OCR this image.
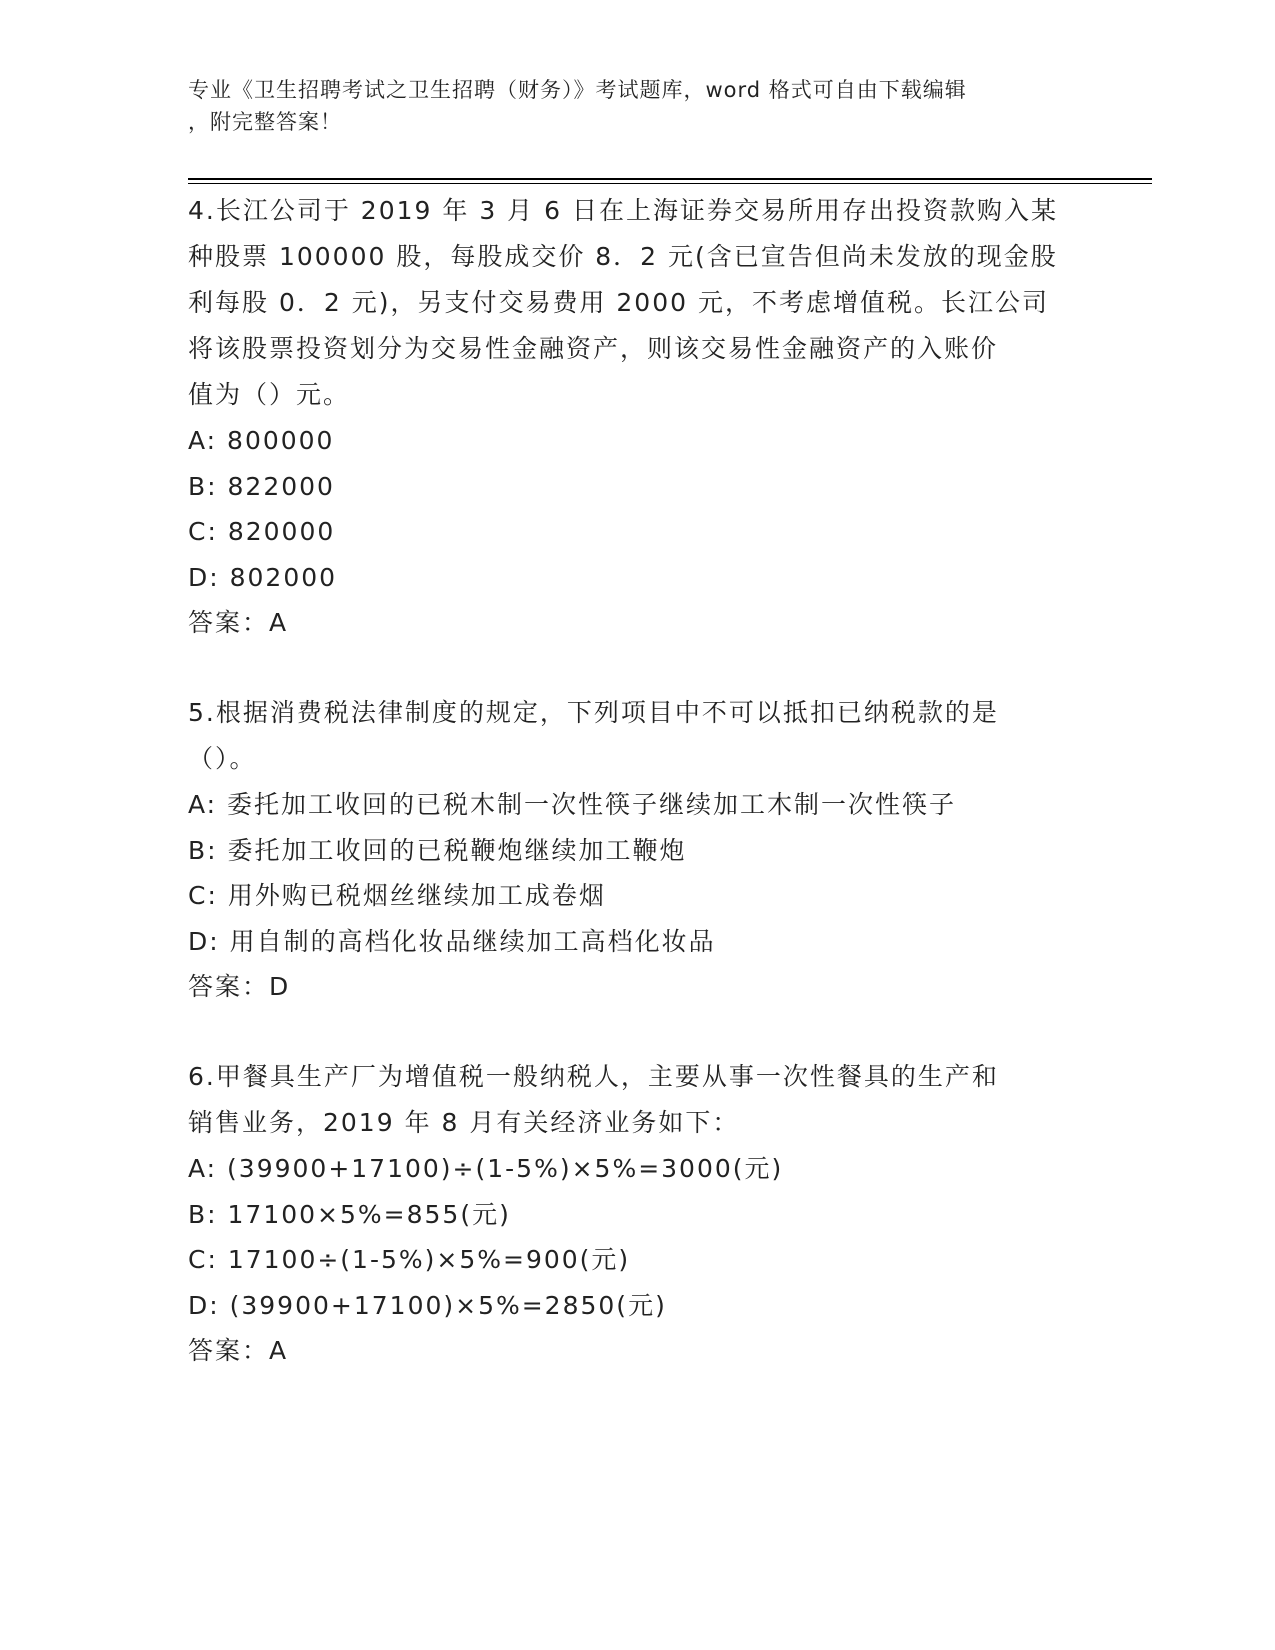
专业《卫生招聘考试之卫生招聘（财务）》考试题库，word 格式可自由下载编辑
，附完整答案！

4.长江公司于 2019 年 3 月 6 日在上海证券交易所用存出投资款购入某

种股票 100000 股，每股成交价 8．2 元(含已宣告但尚未发放的现金股

利每股 0．2 元)，另支付交易费用 2000 元，不考虑增值税。长江公司

将该股票投资划分为交易性金融资产，则该交易性金融资产的入账价

值为（）元。

A: 800000

B: 822000

C: 820000

D: 802000

答案：A

5.根据消费税法律制度的规定，下列项目中不可以抵扣已纳税款的是

（）。

A: 委托加工收回的已税木制一次性筷子继续加工木制一次性筷子

B: 委托加工收回的已税鞭炮继续加工鞭炮

C: 用外购已税烟丝继续加工成卷烟

D: 用自制的高档化妆品继续加工高档化妆品

答案：D

6.甲餐具生产厂为增值税一般纳税人，主要从事一次性餐具的生产和

销售业务，2019 年 8 月有关经济业务如下：

A: (39900+17100)÷(1-5%)×5%=3000(元)

B: 17100×5%=855(元)

C: 17100÷(1-5%)×5%=900(元)

D: (39900+17100)×5%=2850(元)

答案：A
